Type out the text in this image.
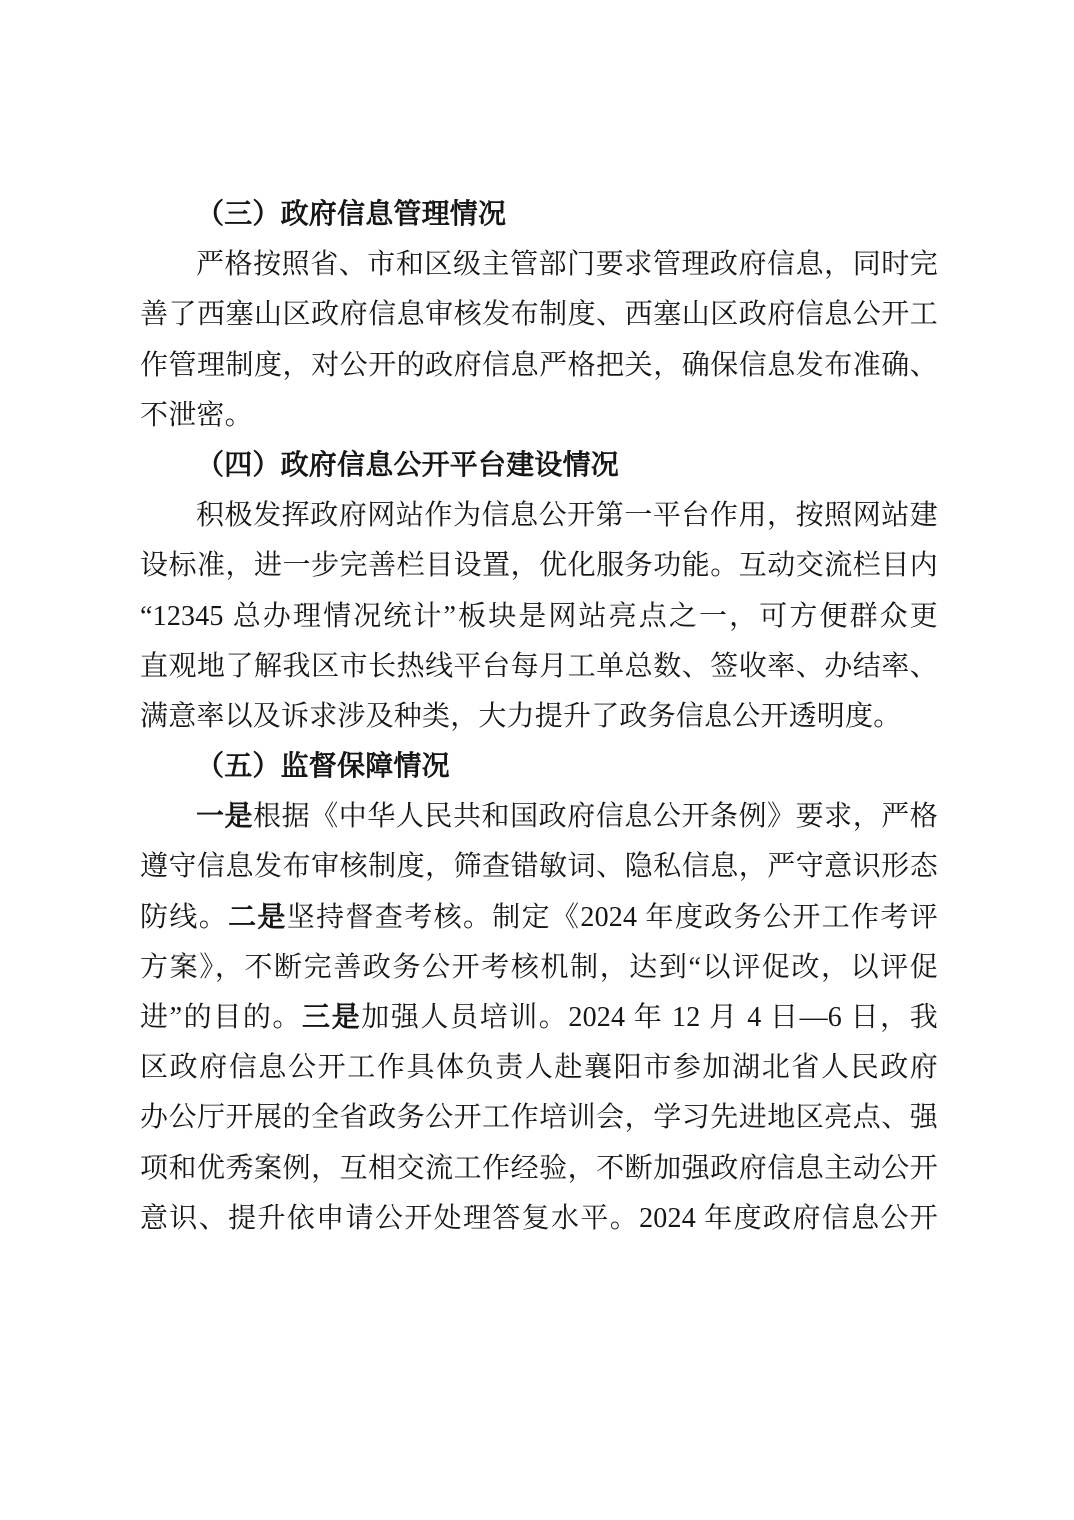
（三）政府信息管理情况
严格按照省、市和区级主管部门要求管理政府信息，同时完
善了西塞山区政府信息审核发布制度、西塞山区政府信息公开工
作管理制度，对公开的政府信息严格把关，确保信息发布准确、
不泄密。
（四）政府信息公开平台建设情况
积极发挥政府网站作为信息公开第一平台作用，按照网站建
设标准，进一步完善栏目设置，优化服务功能。互动交流栏目内
“12345 总办理情况统计”板块是网站亮点之一，可方便群众更
直观地了解我区市长热线平台每月工单总数、签收率、办结率、
满意率以及诉求涉及种类，大力提升了政务信息公开透明度。
（五）监督保障情况
一是根据《中华人民共和国政府信息公开条例》要求，严格
遵守信息发布审核制度，筛查错敏词、隐私信息，严守意识形态
防线。二是坚持督查考核。制定《2024 年度政务公开工作考评
方案》，不断完善政务公开考核机制，达到“以评促改，以评促
进”的目的。三是加强人员培训。2024 年 12 月 4 日—6 日，我
区政府信息公开工作具体负责人赴襄阳市参加湖北省人民政府
办公厅开展的全省政务公开工作培训会，学习先进地区亮点、强
项和优秀案例，互相交流工作经验，不断加强政府信息主动公开
意识、提升依申请公开处理答复水平。2024 年度政府信息公开
